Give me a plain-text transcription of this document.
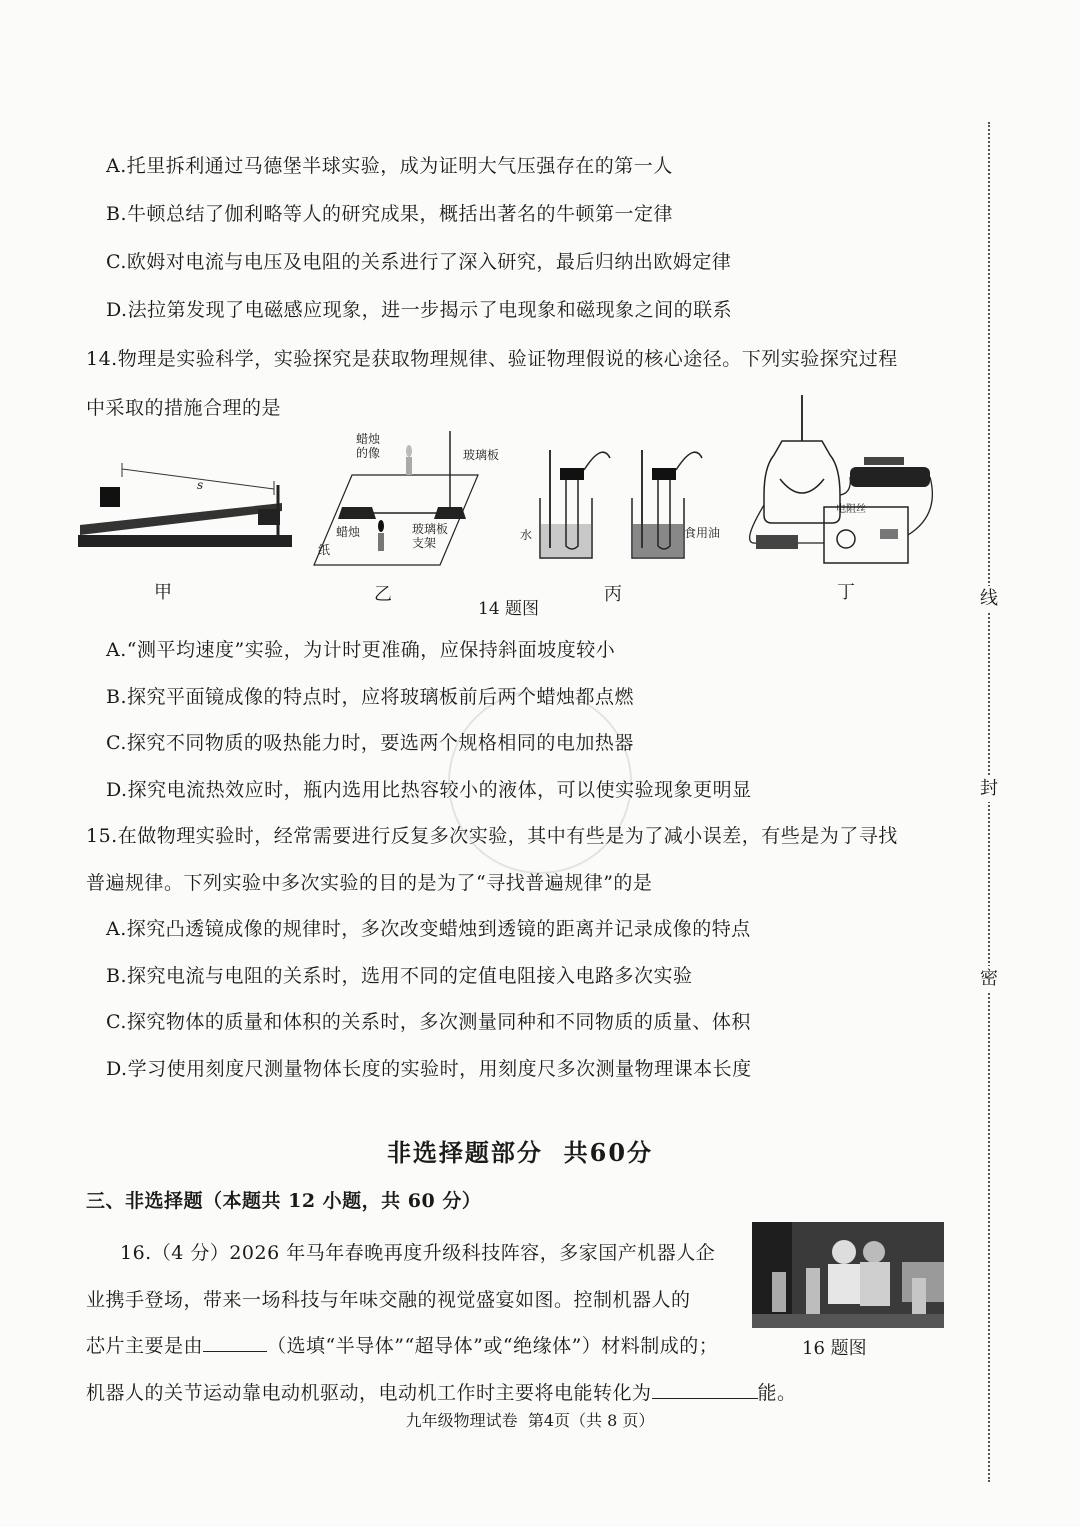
A.托里拆利通过马德堡半球实验，成为证明大气压强存在的第一人
B.牛顿总结了伽利略等人的研究成果，概括出著名的牛顿第一定律
C.欧姆对电流与电压及电阻的关系进行了深入研究，最后归纳出欧姆定律
D.法拉第发现了电磁感应现象，进一步揭示了电现象和磁现象之间的联系
14.物理是实验科学，实验探究是获取物理规律、验证物理假说的核心途径。下列实验探究过程
中采取的措施合理的是
s
蜡烛
的像	玻璃板
蜡烛
纸
玻璃板
支架
水	食用油
电阻丝
甲	乙	丙	丁
14 题图
A.“测平均速度”实验，为计时更准确，应保持斜面坡度较小
B.探究平面镜成像的特点时，应将玻璃板前后两个蜡烛都点燃
C.探究不同物质的吸热能力时，要选两个规格相同的电加热器
D.探究电流热效应时，瓶内选用比热容较小的液体，可以使实验现象更明显
15.在做物理实验时，经常需要进行反复多次实验，其中有些是为了减小误差，有些是为了寻找
普遍规律。下列实验中多次实验的目的是为了“寻找普遍规律”的是
A.探究凸透镜成像的规律时，多次改变蜡烛到透镜的距离并记录成像的特点
B.探究电流与电阻的关系时，选用不同的定值电阻接入电路多次实验
C.探究物体的质量和体积的关系时，多次测量同种和不同物质的质量、体积
D.学习使用刻度尺测量物体长度的实验时，用刻度尺多次测量物理课本长度
非选择题部分  共60分
三、非选择题（本题共 12 小题，共 60 分）
16.（4 分）2026 年马年春晚再度升级科技阵容，多家国产机器人企
业携手登场，带来一场科技与年味交融的视觉盛宴如图。控制机器人的
芯片主要是由	（选填“半导体”“超导体”或“绝缘体”）材料制成的；
机器人的关节运动靠电动机驱动，电动机工作时主要将电能转化为	能。
16 题图
线
封
密
九年级物理试卷  第4页（共 8 页）
